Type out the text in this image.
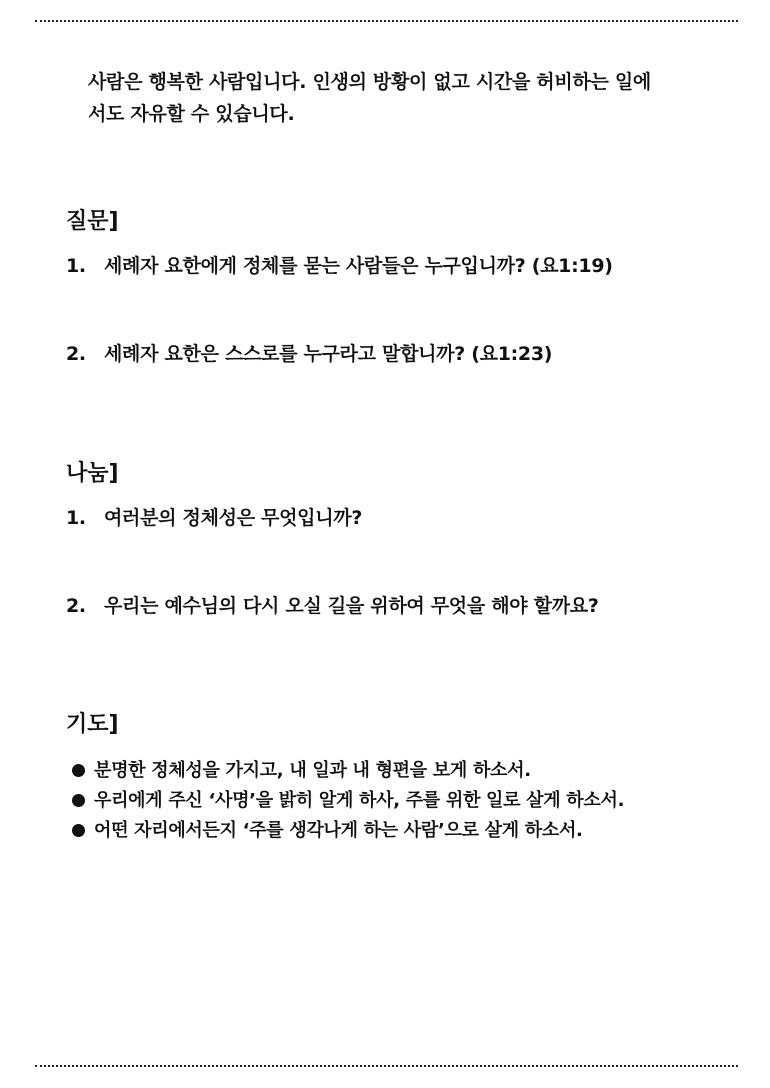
사람은 행복한 사람입니다. 인생의 방황이 없고 시간을 허비하는 일에

서도 자유할 수 있습니다.

질문]
1. 세례자 요한에게 정체를 묻는 사람들은 누구입니까? (요1:19)
2. 세례자 요한은 스스로를 누구라고 말합니까? (요1:23)
나눔]
1. 여러분의 정체성은 무엇입니까?
2. 우리는 예수님의 다시 오실 길을 위하여 무엇을 해야 할까요?
기도]
분명한 정체성을 가지고, 내 일과 내 형편을 보게 하소서.
우리에게 주신 ‘사명’을 밝히 알게 하사, 주를 위한 일로 살게 하소서.
어떤 자리에서든지 ‘주를 생각나게 하는 사람’으로 살게 하소서.
